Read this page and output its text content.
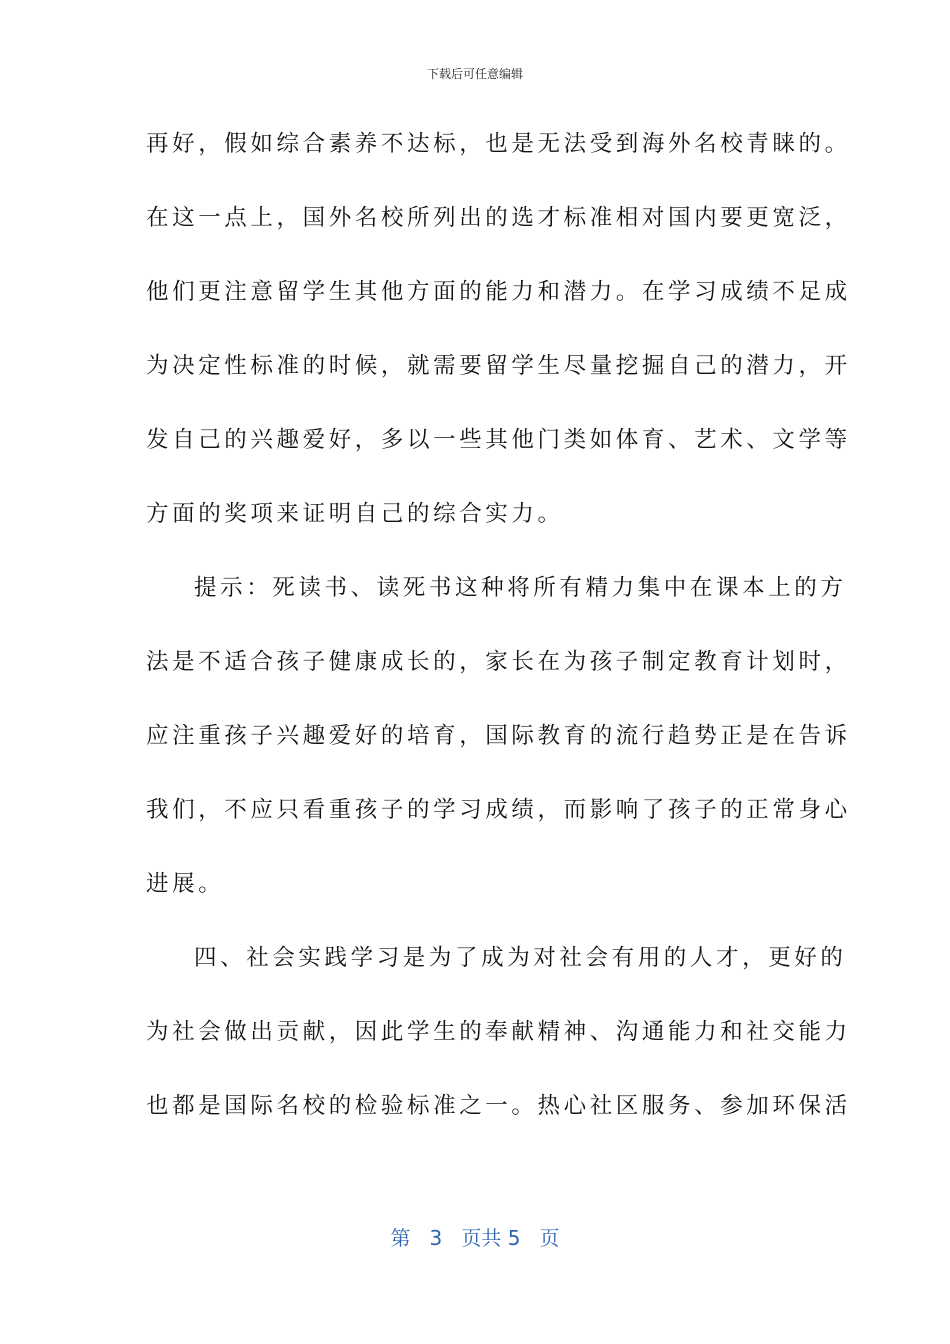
下载后可任意编辑
再好，假如综合素养不达标，也是无法受到海外名校青睐的。
在这一点上，国外名校所列出的选才标准相对国内要更宽泛，
他们更注意留学生其他方面的能力和潜力。在学习成绩不足成
为决定性标准的时候，就需要留学生尽量挖掘自己的潜力，开
发自己的兴趣爱好，多以一些其他门类如体育、艺术、文学等
方面的奖项来证明自己的综合实力。
提示：死读书、读死书这种将所有精力集中在课本上的方
法是不适合孩子健康成长的，家长在为孩子制定教育计划时，
应注重孩子兴趣爱好的培育，国际教育的流行趋势正是在告诉
我们，不应只看重孩子的学习成绩，而影响了孩子的正常身心
进展。
四、社会实践学习是为了成为对社会有用的人才，更好的
为社会做出贡献，因此学生的奉献精神、沟通能力和社交能力
也都是国际名校的检验标准之一。热心社区服务、参加环保活
第 3 页共 5 页
